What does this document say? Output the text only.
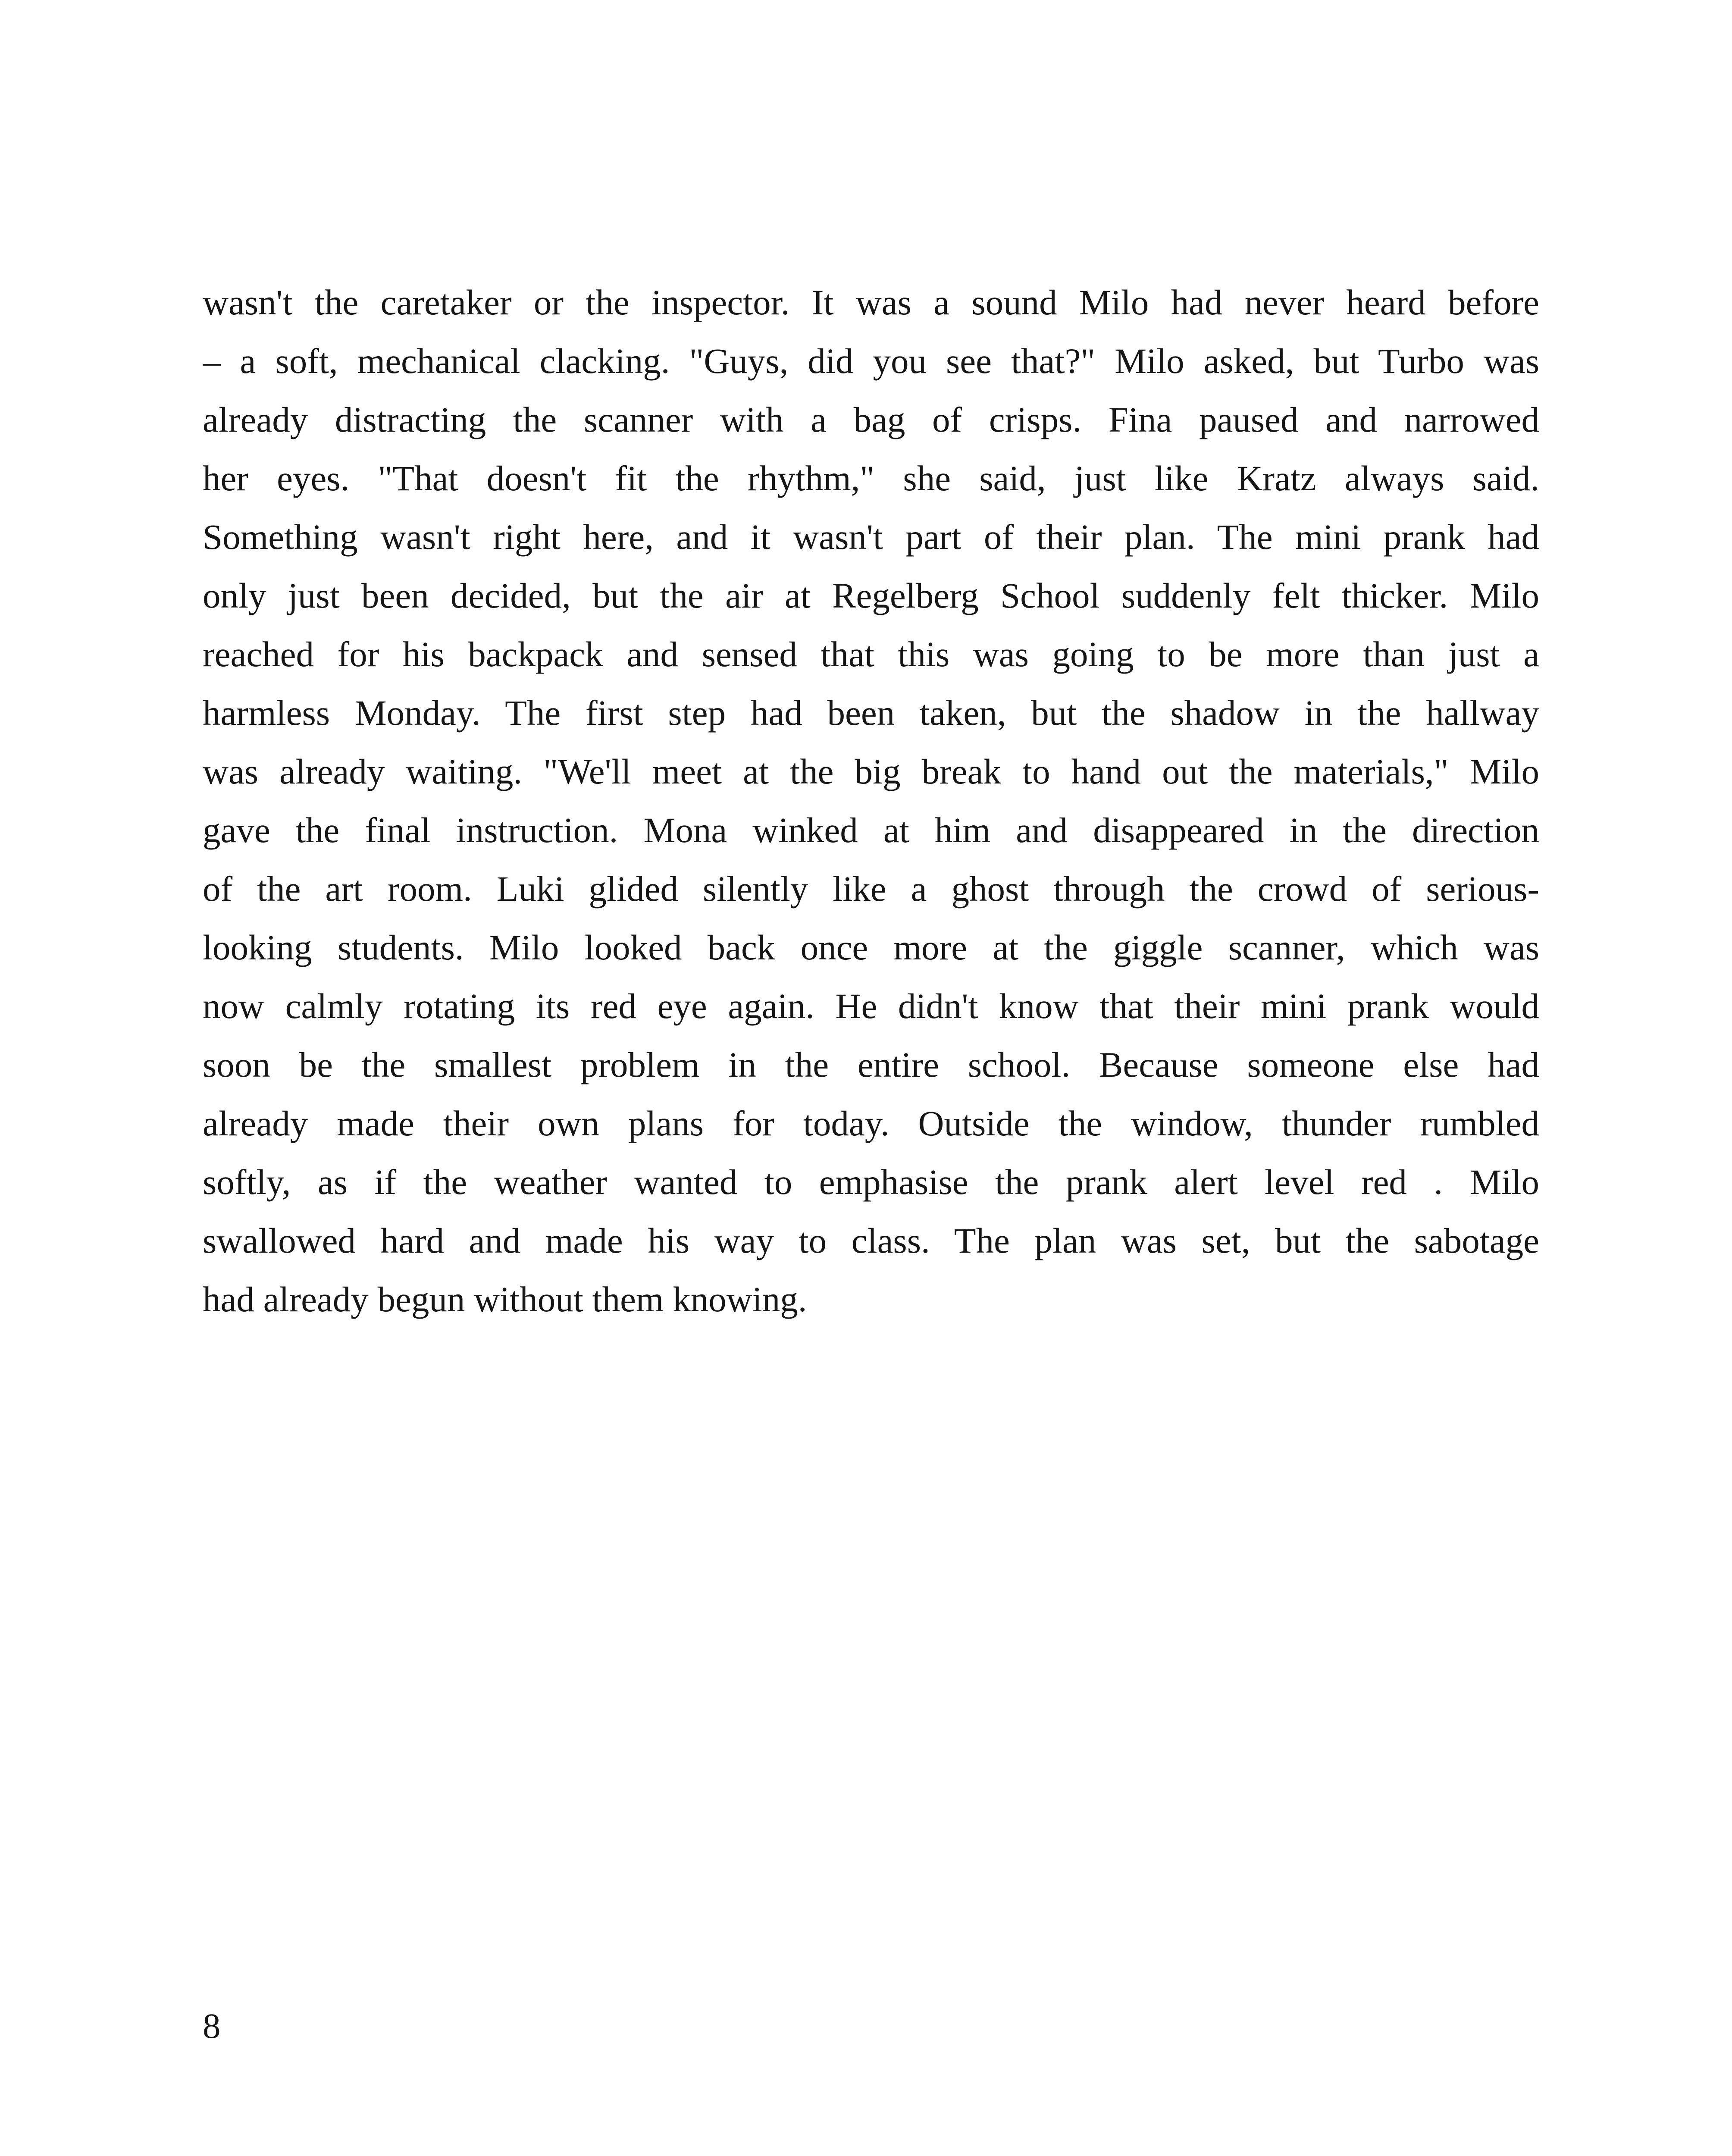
wasn't the caretaker or the inspector. It was a sound Milo had never heard before
– a soft, mechanical clacking. "Guys, did you see that?" Milo asked, but Turbo was
already distracting the scanner with a bag of crisps. Fina paused and narrowed
her eyes. "That doesn't fit the rhythm," she said, just like Kratz always said.
Something wasn't right here, and it wasn't part of their plan. The mini prank had
only just been decided, but the air at Regelberg School suddenly felt thicker. Milo
reached for his backpack and sensed that this was going to be more than just a
harmless Monday. The first step had been taken, but the shadow in the hallway
was already waiting. "We'll meet at the big break to hand out the materials," Milo
gave the final instruction. Mona winked at him and disappeared in the direction
of the art room. Luki glided silently like a ghost through the crowd of serious-
looking students. Milo looked back once more at the giggle scanner, which was
now calmly rotating its red eye again. He didn't know that their mini prank would
soon be the smallest problem in the entire school. Because someone else had
already made their own plans for today. Outside the window, thunder rumbled
softly, as if the weather wanted to emphasise the prank alert level red . Milo
swallowed hard and made his way to class. The plan was set, but the sabotage
had already begun without them knowing.

8
